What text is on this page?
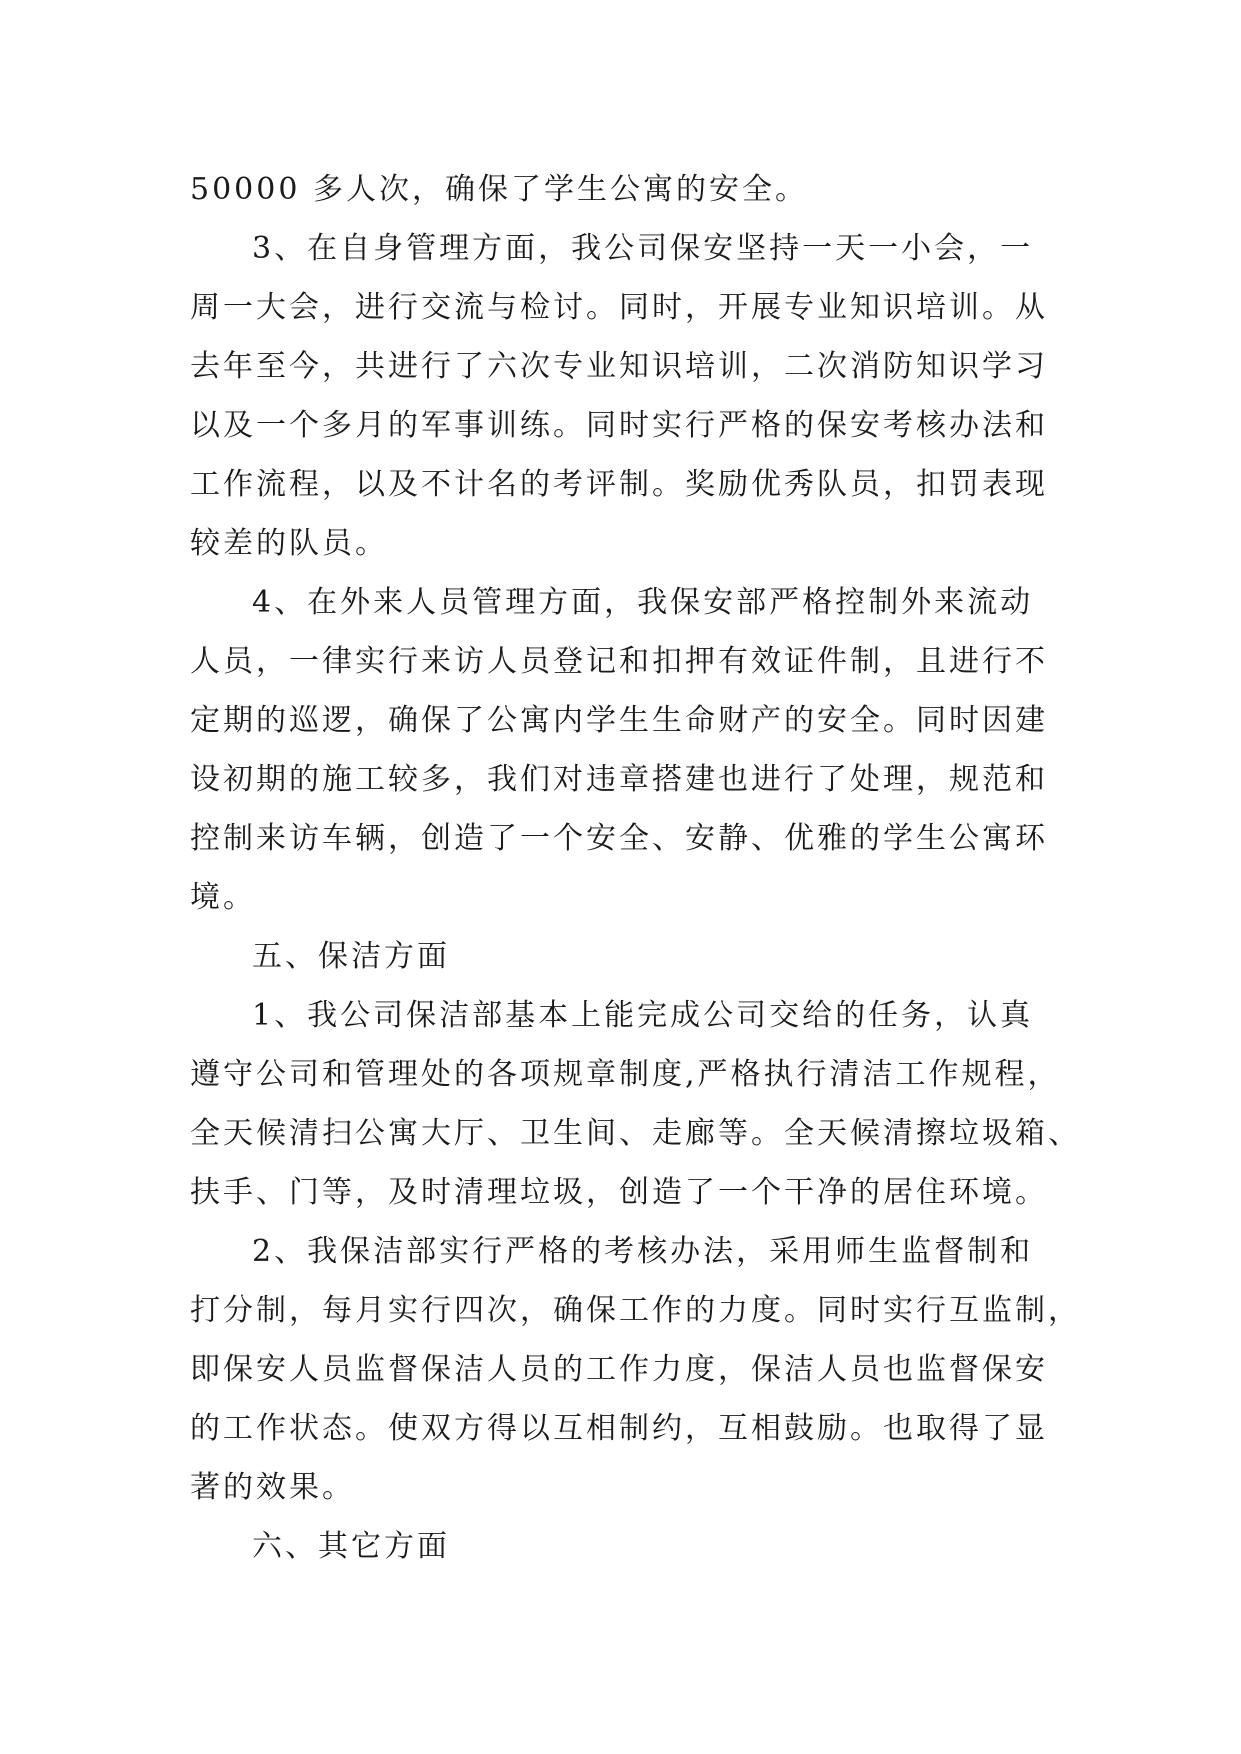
50000 多人次，确保了学生公寓的安全。
3、在自身管理方面，我公司保安坚持一天一小会，一
周一大会，进行交流与检讨。同时，开展专业知识培训。从
去年至今，共进行了六次专业知识培训，二次消防知识学习
以及一个多月的军事训练。同时实行严格的保安考核办法和
工作流程，以及不计名的考评制。奖励优秀队员，扣罚表现
较差的队员。
4、在外来人员管理方面，我保安部严格控制外来流动
人员，一律实行来访人员登记和扣押有效证件制，且进行不
定期的巡逻，确保了公寓内学生生命财产的安全。同时因建
设初期的施工较多，我们对违章搭建也进行了处理，规范和
控制来访车辆，创造了一个安全、安静、优雅的学生公寓环
境。
五、保洁方面
1、我公司保洁部基本上能完成公司交给的任务，认真
遵守公司和管理处的各项规章制度,严格执行清洁工作规程，
全天候清扫公寓大厅、卫生间、走廊等。全天候清擦垃圾箱、
扶手、门等，及时清理垃圾，创造了一个干净的居住环境。
2、我保洁部实行严格的考核办法，采用师生监督制和
打分制，每月实行四次，确保工作的力度。同时实行互监制，
即保安人员监督保洁人员的工作力度，保洁人员也监督保安
的工作状态。使双方得以互相制约，互相鼓励。也取得了显
著的效果。
六、其它方面
